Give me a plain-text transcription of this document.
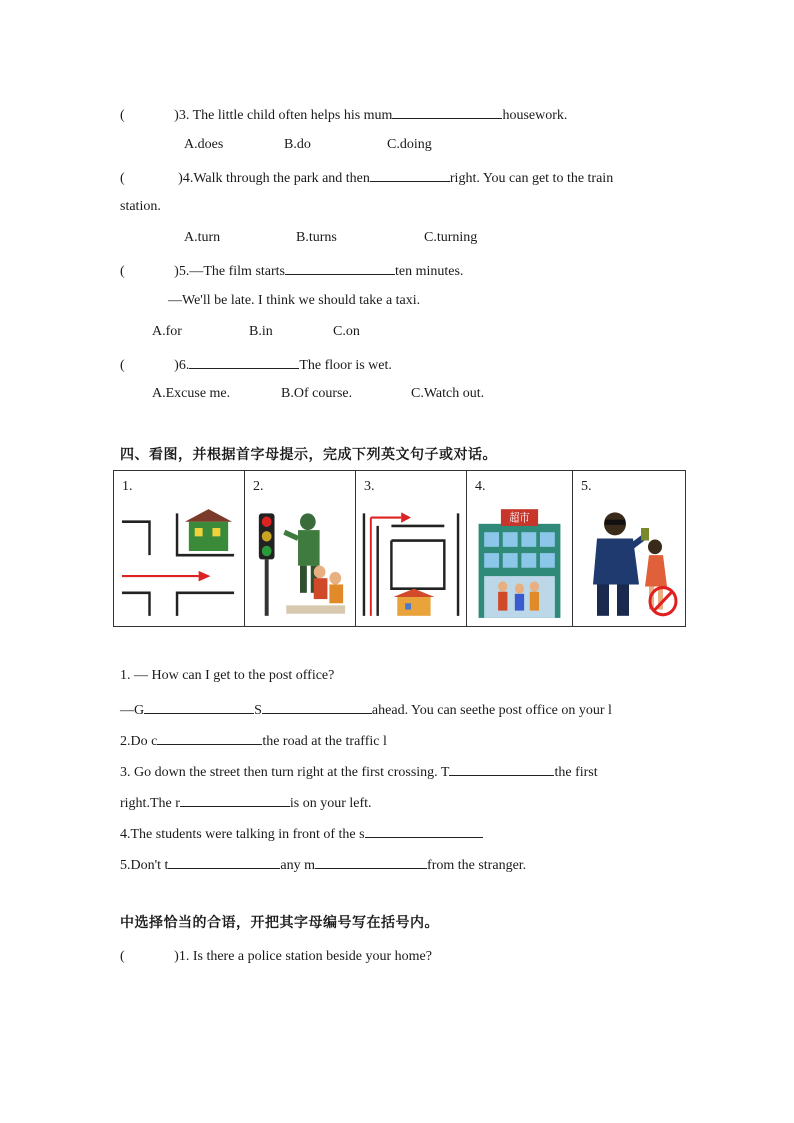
(	)3. The little child often helps his mum	housework.
A.does	B.do	C.doing
(	)4.Walk through the park and then	right. You can get to the train
station.
A.turn	B.turns	C.turning
(	)5.—The film starts	ten minutes.
—We'll be late. I think we should take a taxi.
A.for	B.in	C.on
(	)6.	The floor is wet.
A.Excuse me.	B.Of course.	C.Watch out.
四、看图，并根据首字母提示，完成下列英文句子或对话。
1.	2.	3.	4.
超市

5.
1. — How can I get to the post office?
—G	S	ahead. You can seethe post office on your l
2.Do c	the road at the traffic l
3. Go down the street then turn right at the first crossing. T	the first
right.The r	is on your left.
4.The students were talking in front of the s
5.Don't t	any m	from the stranger.
中选择恰当的合语，开把其字母编号写在括号内。
(	)1. Is there a police station beside your home?
